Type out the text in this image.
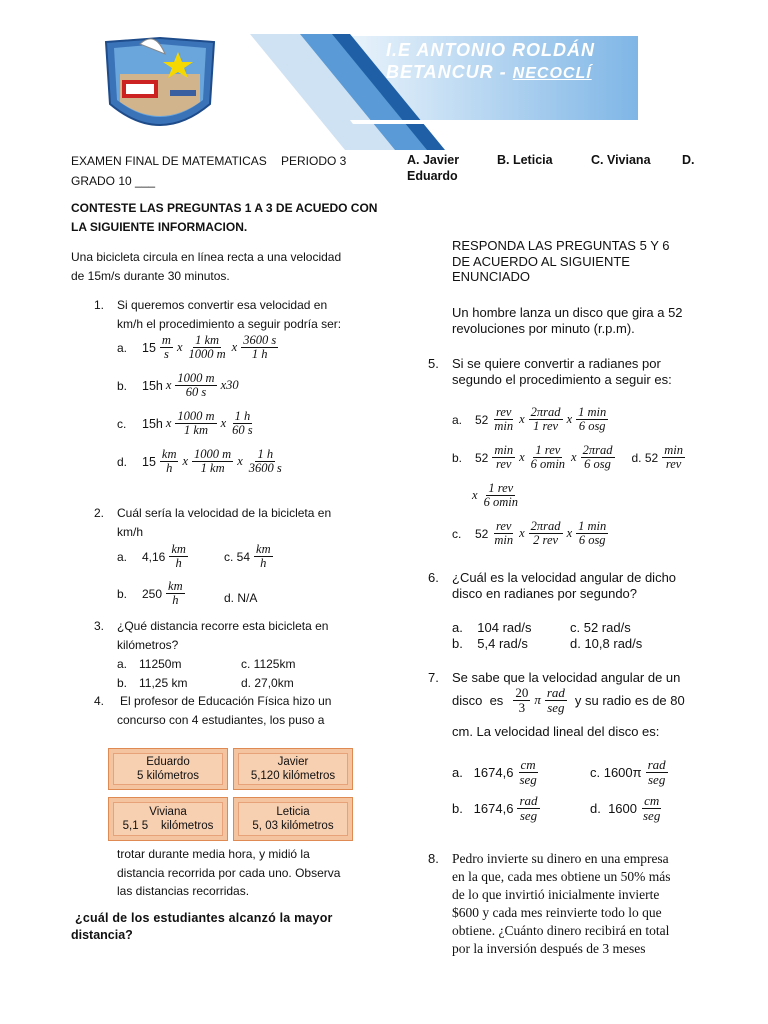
PAZ
I.E ANTONIO ROLDÁN
BETANCUR - NECOCLÍ
EXAMEN FINAL DE MATEMATICAS PERIODO 3
GRADO 10 ___
CONTESTE LAS PREGUNTAS 1 A 3 DE ACUEDO CON
LA SIGUIENTE INFORMACION.
Una bicicleta circula en línea recta a una velocidad
de 15m/s durante 30 minutos.
1. Si queremos convertir esa velocidad en
km/h el procedimiento a seguir podría ser:
a.	$15 \frac{m}{s}$ x $\frac{1 km}{1000 m}$ x $\frac{3600 s}{1 h}$
b.	15h x $\frac{1000 m}{60 s} x30$
c.	15h x $\frac{1000 m}{1 km}$ x $\frac{1 h}{60 s}$
d.	$15 \frac{km}{h}$ x $\frac{1000 m}{1 km}$ x $\frac{1 h}{3600 s}$
2. Cuál sería la velocidad de la bicicleta en
km/h
a.	$4,16 \frac{km}{h}$	c. $54 \frac{km}{h}$
b.	$250 \frac{km}{h}$	d. N/A
3. ¿Qué distancia recorre esta bicicleta en
kilómetros?
a. 11250m	c. 1125km
b. 11,25 km	d. 27,0km
4. El profesor de Educación Física hizo un
concurso con 4 estudiantes, los puso a
Eduardo
5 kilómetros
Javier
5,120 kilómetros
Viviana
5,1 5    kilómetros
Leticia
5, 03 kilómetros
trotar durante media hora, y midió la
distancia recorrida por cada uno. Observa
las distancias recorridas.
¿cuál de los estudiantes alcanzó la mayor
distancia?
A. Javier	B. Leticia	C. Viviana	D.
Eduardo
RESPONDA LAS PREGUNTAS 5 Y 6
DE ACUERDO AL SIGUIENTE
ENUNCIADO
Un hombre lanza un disco que gira a 52
revoluciones por minuto (r.p.m).
5. Si se quiere convertir a radianes por
segundo el procedimiento a seguir es:
a.	$52 \frac{\text{rev}}{\min}$ x $\frac{\text{2πrad}}{\text{1 rev}}$ x $\frac{1 \min}{\text{6 osg}}$
b.	$52 \frac{\min}{\text{rev}}$ x $\frac{\text{1 rev}}{6 omin}$ x $\frac{\text{2πrad}}{\text{6 osg}} d$. $52 \frac{\min}{\text{rev}}$
x $\frac{\text{1 rev}}{6 omin}$
c.	$52 \frac{\text{rev}}{\min}$ x $\frac{\text{2πrad}}{\text{2 rev}}$ x $\frac{1 \min}{\text{6 osg}}$
6. ¿Cuál es la velocidad angular de dicho
disco en radianes por segundo?
a.    104 rad/s	c. 52 rad/s
b.    5,4 rad/s	d. 10,8 rad/s
7. Se sabe que la velocidad angular de un
disco  es $\frac{20}{3}$ π $\frac{\text{rad}}{\text{seg}}$ y su radio es de 80
cm. La velocidad lineal del disco es:
a.   $1674,6 \frac{cm}{\text{seg}}$	c. $1600\pi \frac{\text{rad}}{\text{seg}}$
b.   $1674,6 \frac{\text{rad}}{\text{seg}}$	d.  $1600 \frac{cm}{\text{seg}}$
8. Pedro invierte su dinero en una empresa
en la que, cada mes obtiene un 50% más
de lo que invirtió inicialmente invierte
$600 y cada mes reinvierte todo lo que
obtiene. ¿Cuánto dinero recibirá en total
por la inversión después de 3 meses
